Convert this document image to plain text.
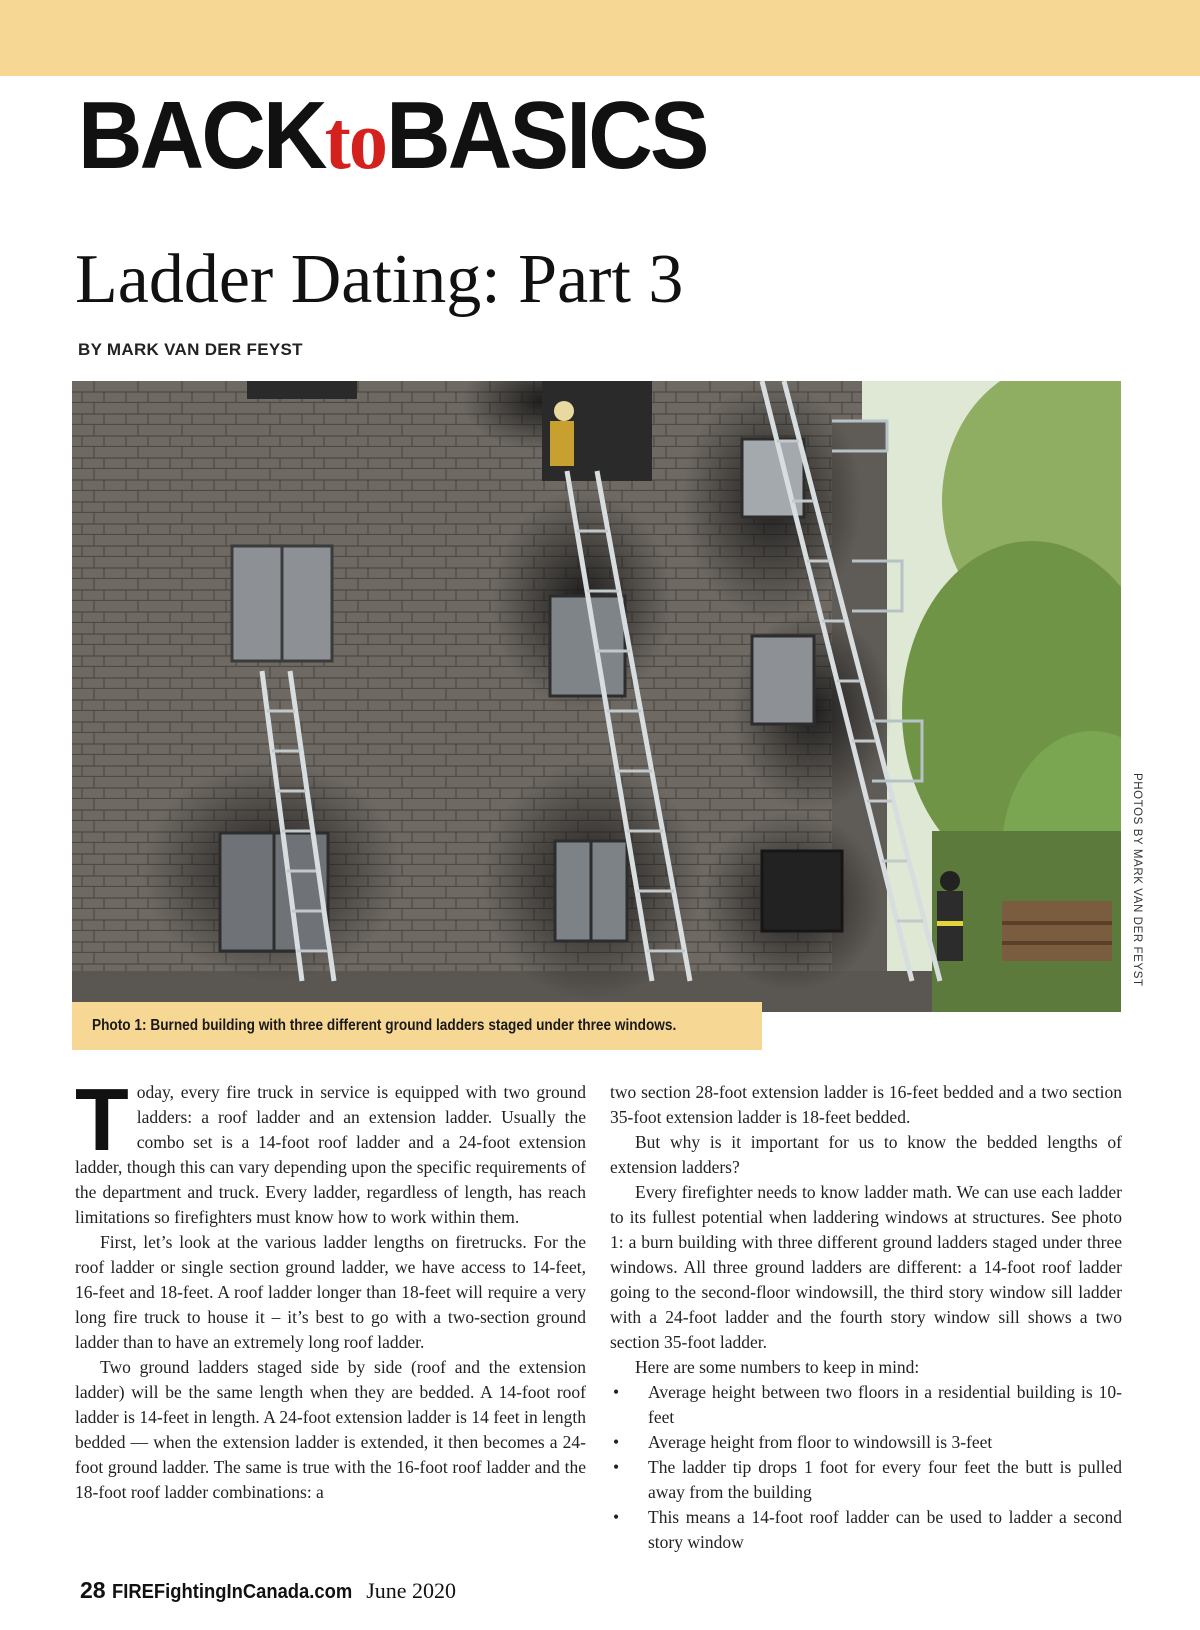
BACKtoBASICS
Ladder Dating: Part 3
BY MARK VAN DER FEYST
PHOTOS BY MARK VAN DER FEYST
Photo 1: Burned building with three different ground ladders staged under three windows.

Today, every fire truck in service is equipped with two ground ladders: a roof ladder and an extension ladder. Usually the combo set is a 14-foot roof ladder and a 24-foot extension ladder, though this can vary depending upon the specific requirements of the department and truck. Every ladder, regardless of length, has reach limitations so firefighters must know how to work within them.

First, let’s look at the various ladder lengths on firetrucks. For the roof ladder or single section ground ladder, we have access to 14-feet, 16-feet and 18-feet. A roof ladder longer than 18-feet will require a very long fire truck to house it – it’s best to go with a two-section ground ladder than to have an extremely long roof ladder.

Two ground ladders staged side by side (roof and the extension ladder) will be the same length when they are bedded. A 14-foot roof ladder is 14-feet in length. A 24-foot extension ladder is 14 feet in length bedded — when the extension ladder is extended, it then becomes a 24-foot ground ladder. The same is true with the 16-foot roof ladder and the 18-foot roof ladder combinations: a

two section 28-foot extension ladder is 16-feet bedded and a two section 35-foot extension ladder is 18-feet bedded.

But why is it important for us to know the bedded lengths of extension ladders?

Every firefighter needs to know ladder math. We can use each ladder to its fullest potential when laddering windows at structures. See photo 1: a burn building with three different ground ladders staged under three windows. All three ground ladders are different: a 14-foot roof ladder going to the second-floor windowsill, the third story window sill ladder with a 24-foot ladder and the fourth story window sill shows a two section 35-foot ladder.

Here are some numbers to keep in mind:

• Average height between two floors in a residential building is 10-feet
• Average height from floor to windowsill is 3-feet
• The ladder tip drops 1 foot for every four feet the butt is pulled away from the building
• This means a 14-foot roof ladder can be used to ladder a second story window
28 FIREFightingInCanada.com June 2020
